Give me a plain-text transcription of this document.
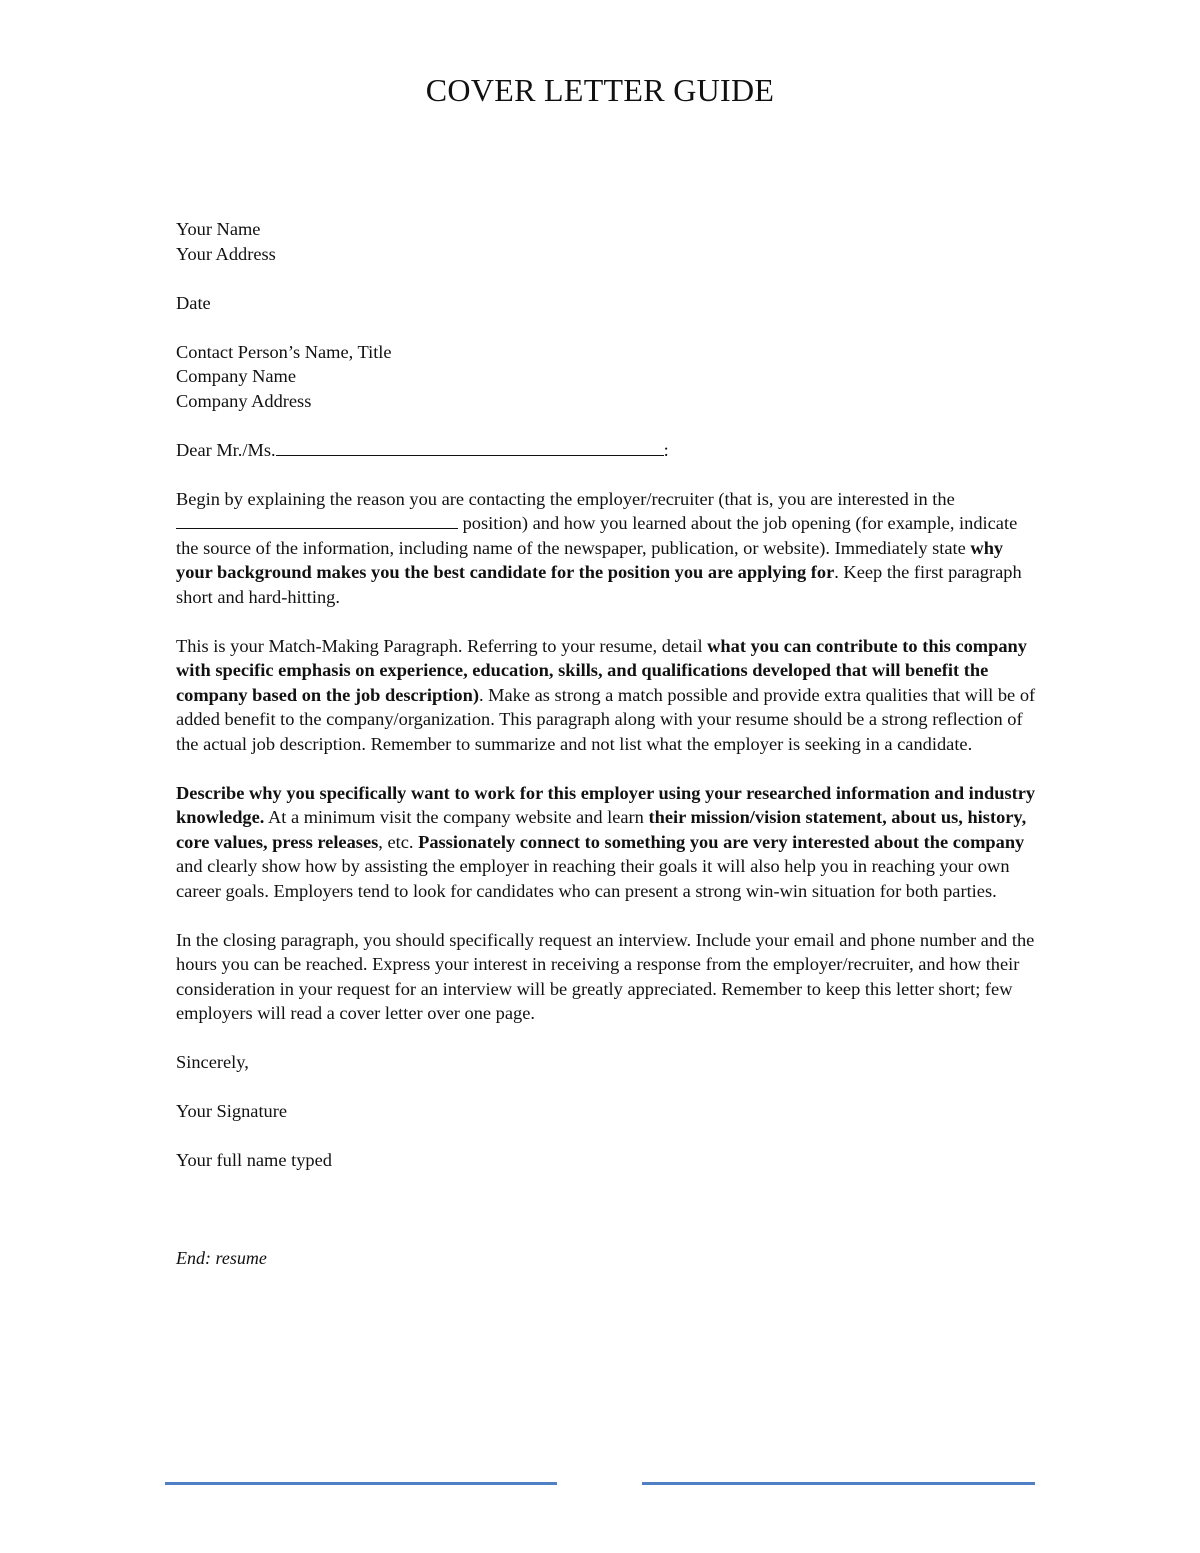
COVER LETTER GUIDE
Your Name
Your Address
Date
Contact Person’s Name, Title
Company Name
Company Address
Dear Mr./Ms.	:

Begin by explaining the reason you are contacting the employer/recruiter (that is, you are interested in the  position) and how you learned about the job opening (for example, indicate the source of the information, including name of the newspaper, publication, or website). Immediately state why your background makes you the best candidate for the position you are applying for. Keep the first paragraph short and hard-hitting.

This is your Match-Making Paragraph. Referring to your resume, detail what you can contribute to this company with specific emphasis on experience, education, skills, and qualifications developed that will benefit the company based on the job description). Make as strong a match possible and provide extra qualities that will be of added benefit to the company/organization. This paragraph along with your resume should be a strong reflection of the actual job description. Remember to summarize and not list what the employer is seeking in a candidate.

Describe why you specifically want to work for this employer using your researched information and industry knowledge. At a minimum visit the company website and learn their mission/vision statement, about us, history, core values, press releases, etc. Passionately connect to something you are very interested about the company and clearly show how by assisting the employer in reaching their goals it will also help you in reaching your own career goals. Employers tend to look for candidates who can present a strong win-win situation for both parties.

In the closing paragraph, you should specifically request an interview. Include your email and phone number and the hours you can be reached. Express your interest in receiving a response from the employer/recruiter, and how their consideration in your request for an interview will be greatly appreciated. Remember to keep this letter short; few employers will read a cover letter over one page.

Sincerely,
Your Signature
Your full name typed
End: resume
